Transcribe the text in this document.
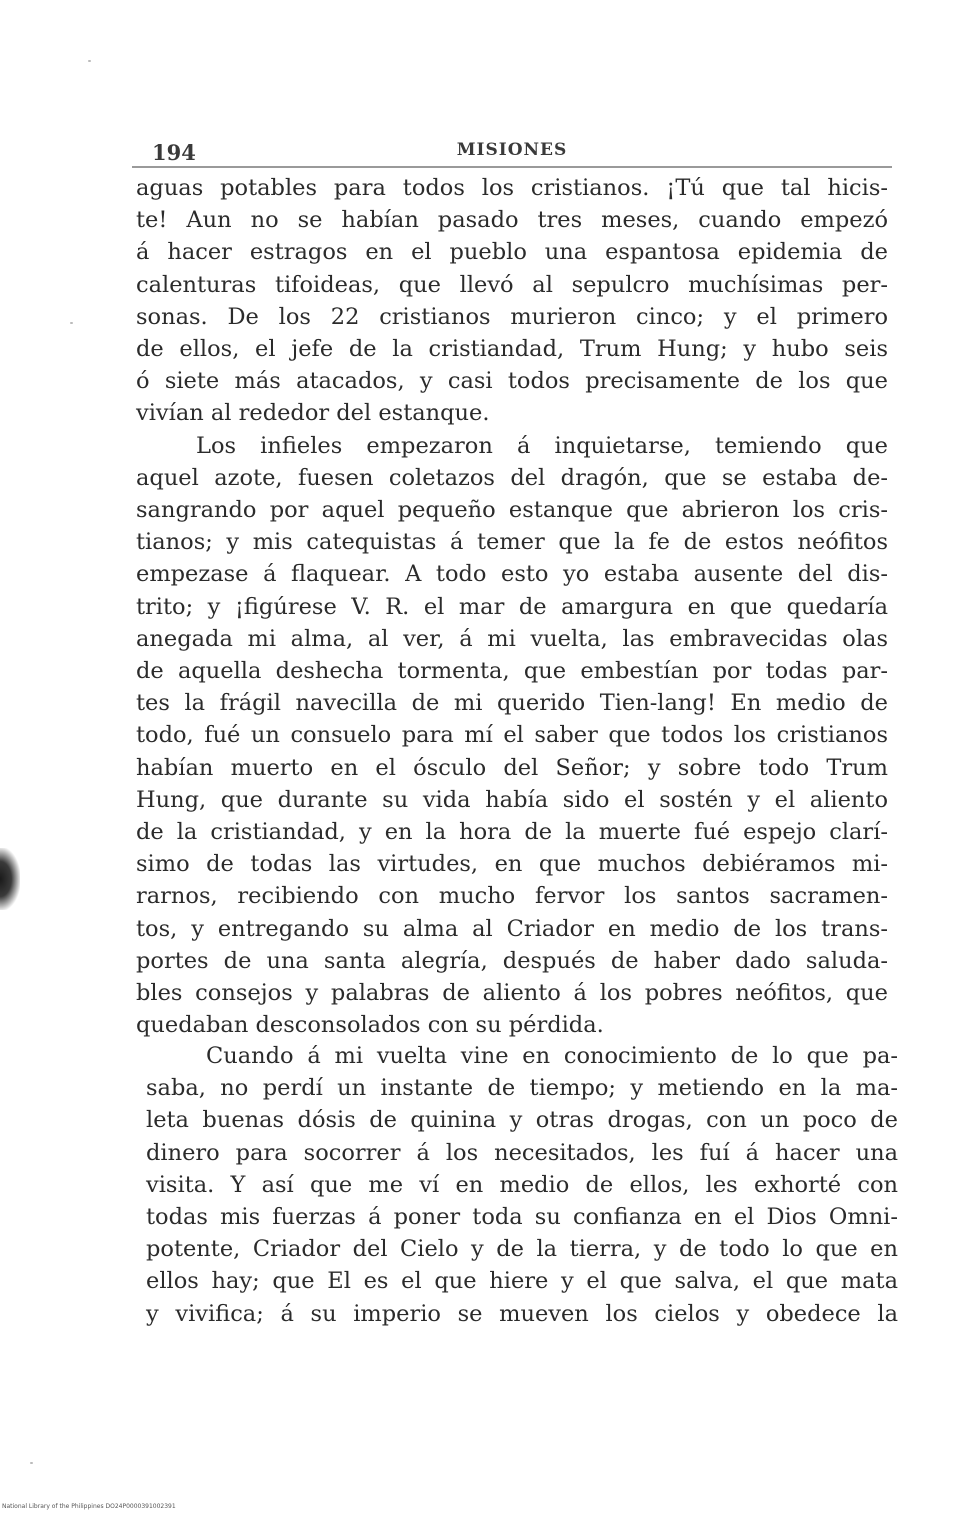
194	MISIONES

aguas potables para todos los cristianos. ¡Tú que tal hicis-
te! Aun no se habían pasado tres meses, cuando empezó
á hacer estragos en el pueblo una espantosa epidemia de
calenturas tifoideas, que llevó al sepulcro muchísimas per-
sonas. De los 22 cristianos murieron cinco; y el primero
de ellos, el jefe de la cristiandad, Trum Hung; y hubo seis
ó siete más atacados, y casi todos precisamente de los que
vivían al rededor del estanque.

Los infieles empezaron á inquietarse, temiendo que
aquel azote, fuesen coletazos del dragón, que se estaba de-
sangrando por aquel pequeño estanque que abrieron los cris-
tianos; y mis catequistas á temer que la fe de estos neófitos
empezase á flaquear. A todo esto yo estaba ausente del dis-
trito; y ¡figúrese V. R. el mar de amargura en que quedaría
anegada mi alma, al ver, á mi vuelta, las embravecidas olas
de aquella deshecha tormenta, que embestían por todas par-
tes la frágil navecilla de mi querido Tien-lang! En medio de
todo, fué un consuelo para mí el saber que todos los cristianos
habían muerto en el ósculo del Señor; y sobre todo Trum
Hung, que durante su vida había sido el sostén y el aliento
de la cristiandad, y en la hora de la muerte fué espejo clarí-
simo de todas las virtudes, en que muchos debiéramos mi-
rarnos, recibiendo con mucho fervor los santos sacramen-
tos, y entregando su alma al Criador en medio de los trans-
portes de una santa alegría, después de haber dado saluda-
bles consejos y palabras de aliento á los pobres neófitos, que
quedaban desconsolados con su pérdida.

Cuando á mi vuelta vine en conocimiento de lo que pa-
saba, no perdí un instante de tiempo; y metiendo en la ma-
leta buenas dósis de quinina y otras drogas, con un poco de
dinero para socorrer á los necesitados, les fuí á hacer una
visita. Y así que me ví en medio de ellos, les exhorté con
todas mis fuerzas á poner toda su confianza en el Dios Omni-
potente, Criador del Cielo y de la tierra, y de todo lo que en
ellos hay; que El es el que hiere y el que salva, el que mata
y vivifica; á su imperio se mueven los cielos y obedece la
National Library of the Philippines DO24P0000391002391
